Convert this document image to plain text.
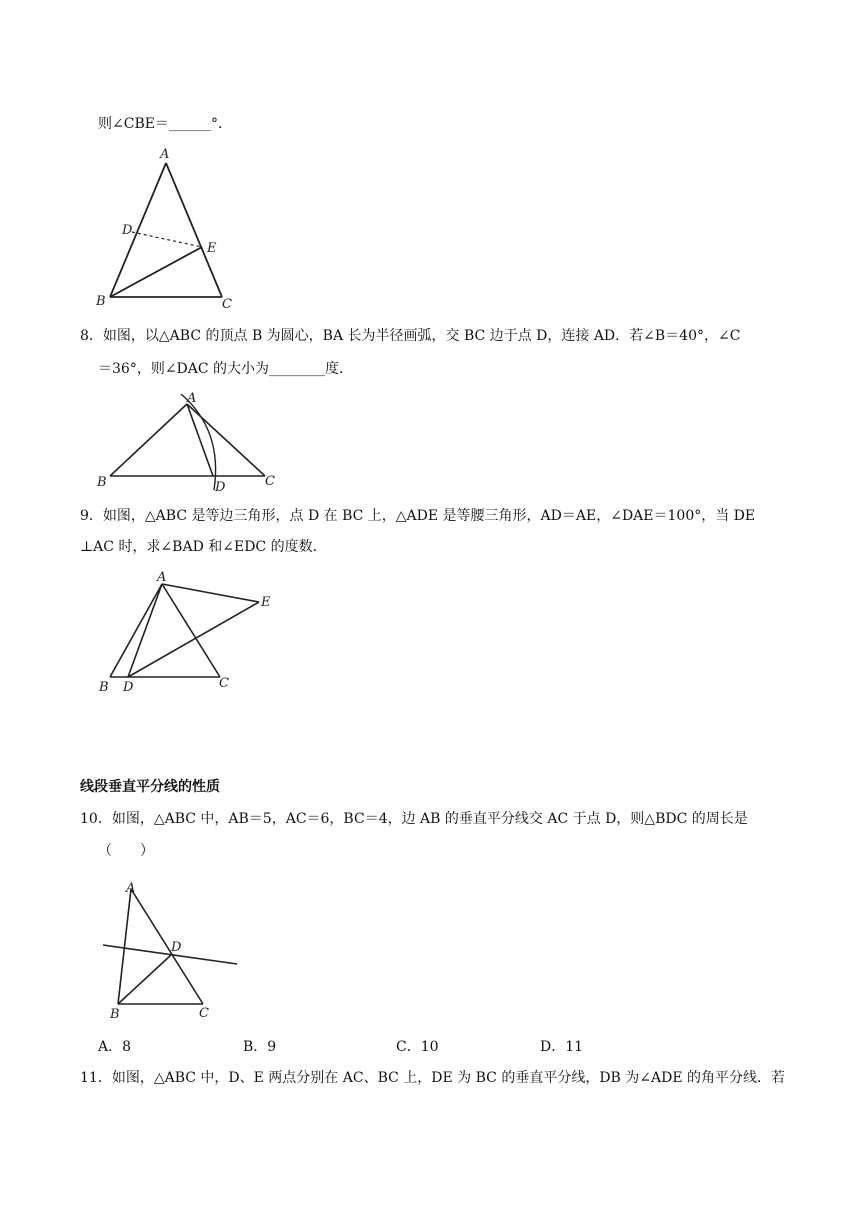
则∠CBE＝______°．
A
B	C
D
E
8．如图，以△ABC 的顶点 B 为圆心，BA 长为半径画弧，交 BC 边于点 D，连接 AD．若∠B＝40°，∠C
＝36°，则∠DAC 的大小为________度．
A
B	C
D
9．如图，△ABC 是等边三角形，点 D 在 BC 上，△ADE 是等腰三角形，AD＝AE，∠DAE＝100°，当 DE
⊥AC 时，求∠BAD 和∠EDC 的度数．
A
B	C
D
E
线段垂直平分线的性质
10．如图，△ABC 中，AB＝5，AC＝6，BC＝4，边 AB 的垂直平分线交 AC 于点 D，则△BDC 的周长是
（　　）
A
B	C
D
A．8	B．9	C．10	D．11
11．如图，△ABC 中，D、E 两点分别在 AC、BC 上，DE 为 BC 的垂直平分线，DB 为∠ADE 的角平分线．若
